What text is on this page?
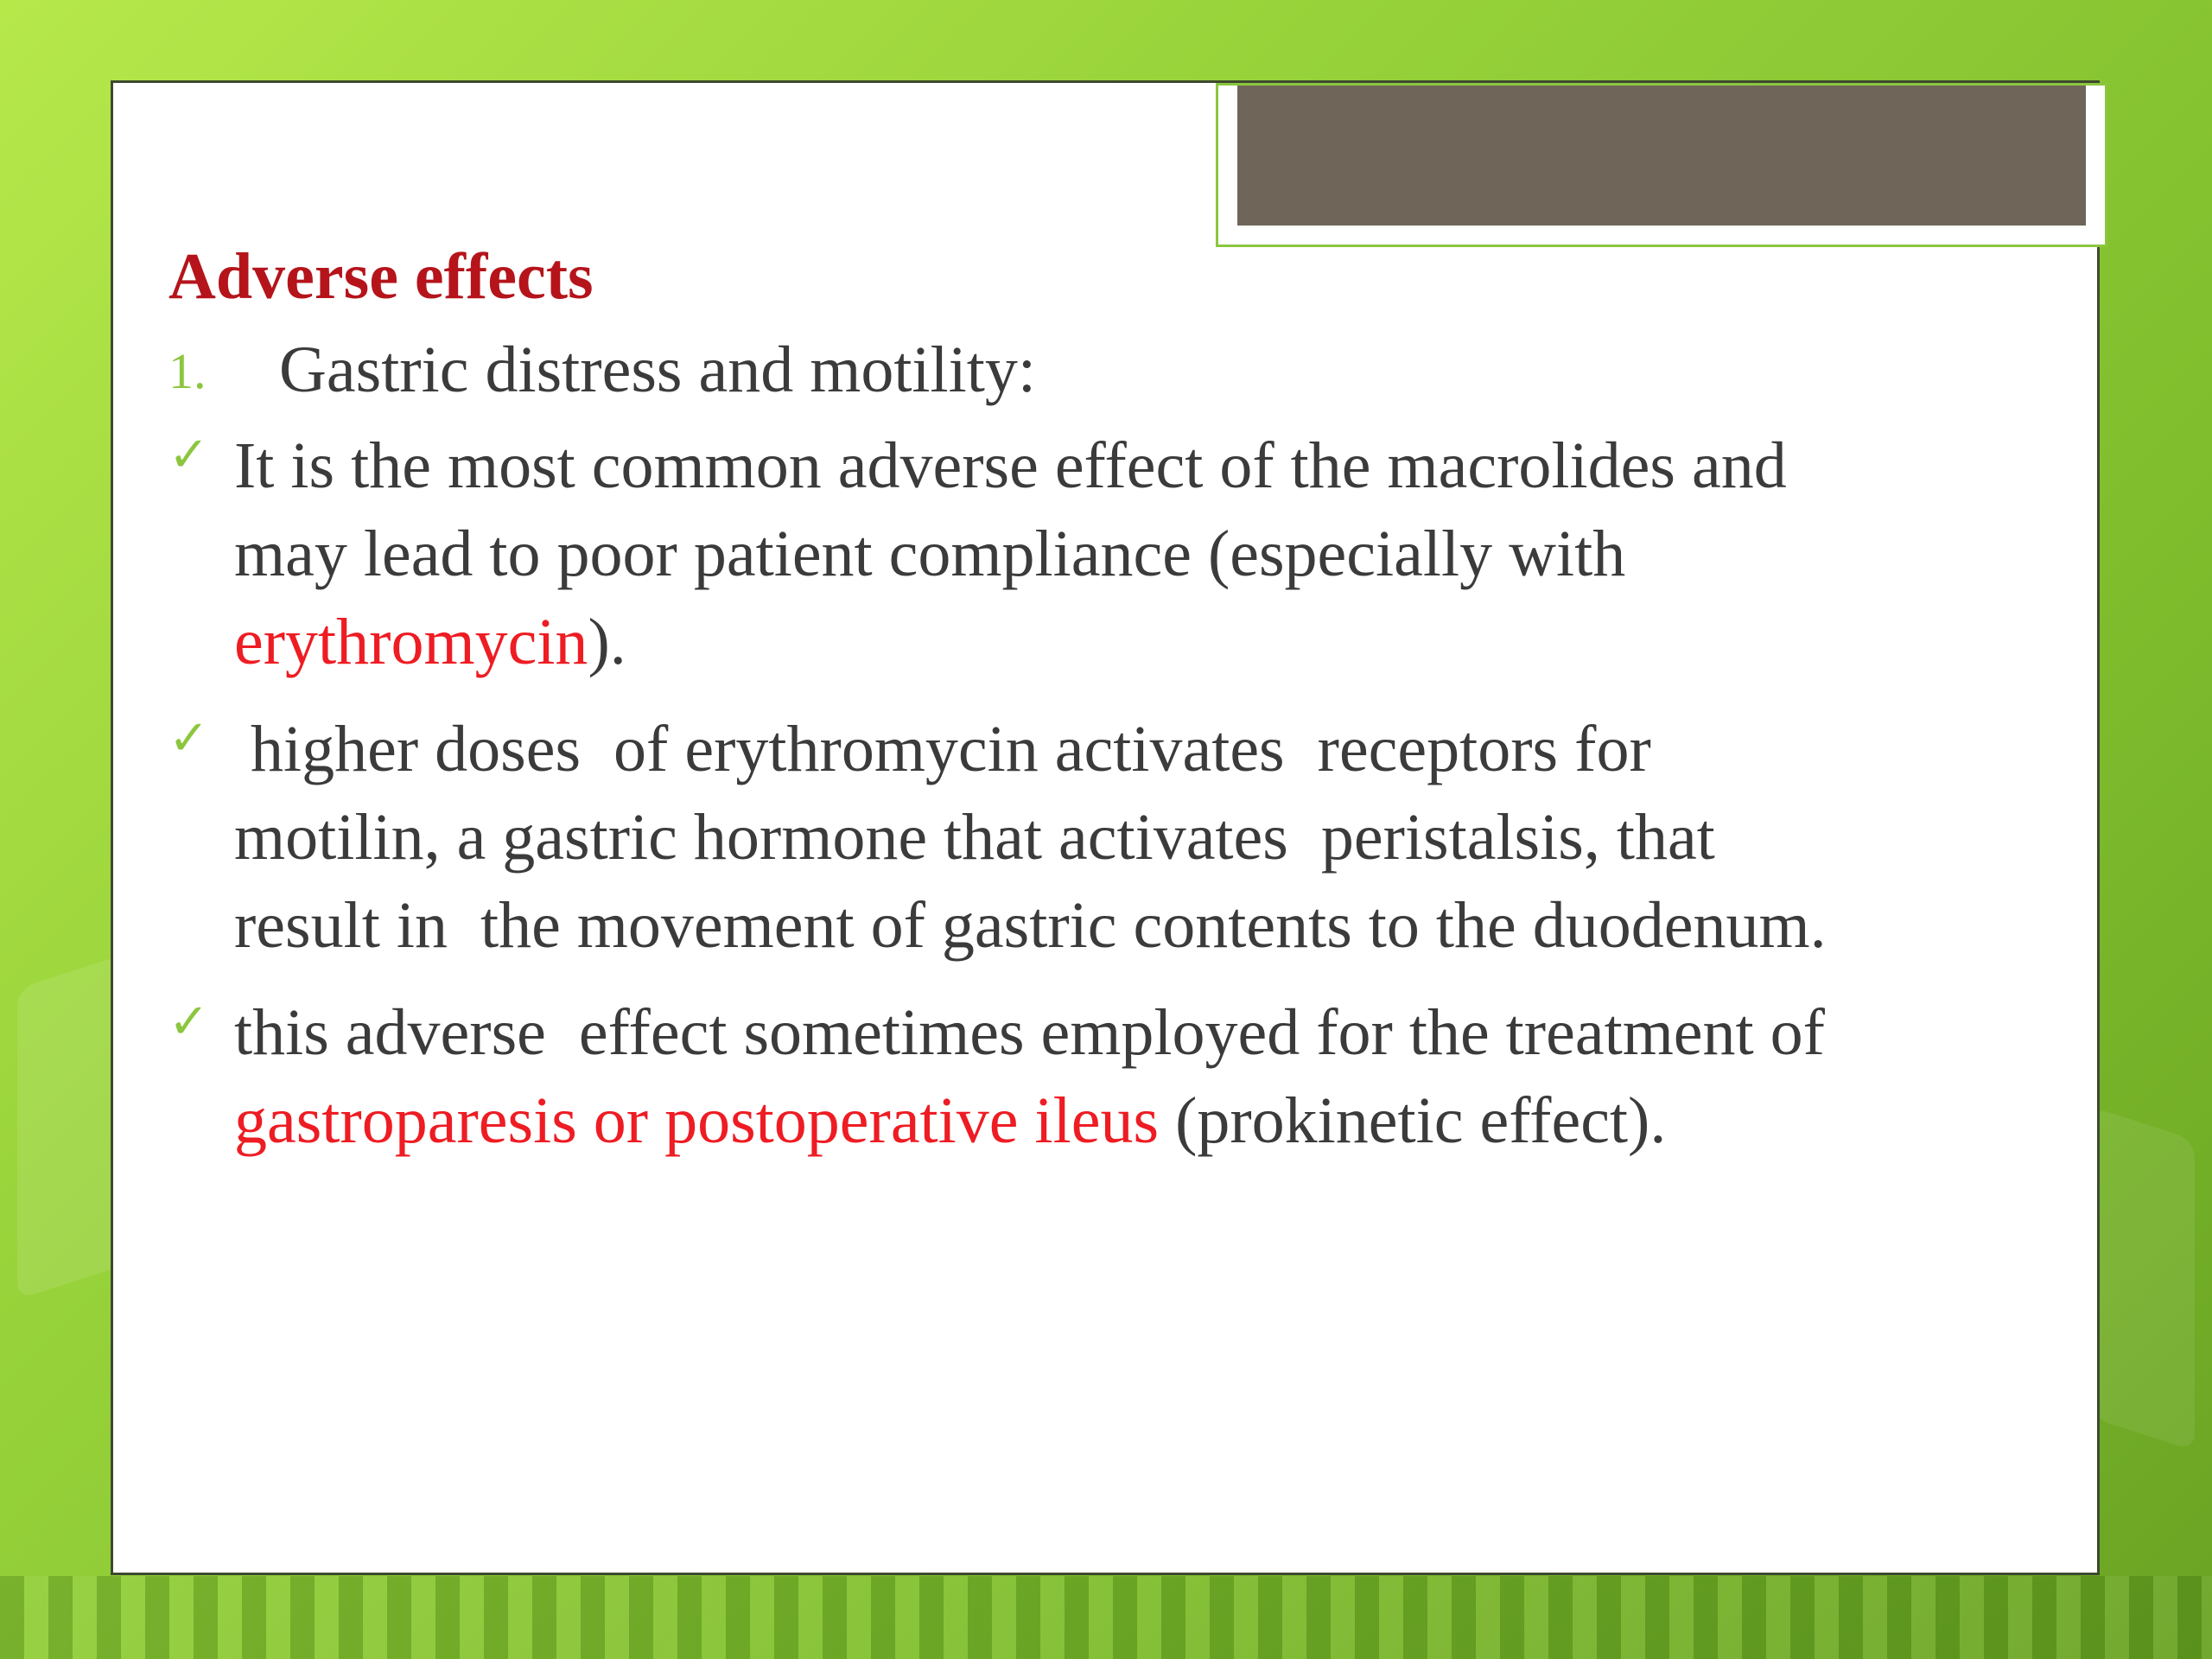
Adverse effects
1. Gastric distress and motility:
✓ It is the most common adverse effect of the macrolides and
may lead to poor patient compliance (especially with
erythromycin).
✓ higher doses  of erythromycin activates  receptors for
motilin, a gastric hormone that activates  peristalsis, that
result in  the movement of gastric contents to the duodenum.
✓ this adverse  effect sometimes employed for the treatment of
gastroparesis or postoperative ileus (prokinetic effect).
